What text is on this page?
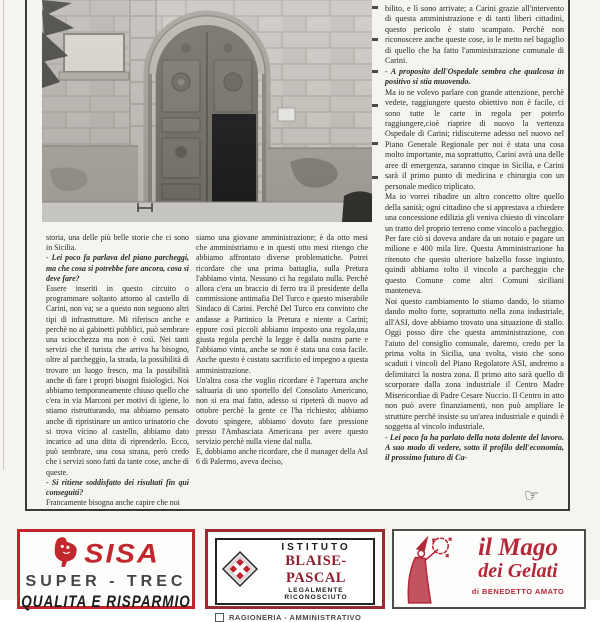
storia, una delle più belle storie che ci sono in Sicilia.

- Lei poco fa parlava del piano parcheggi, ma che cosa si potrebbe fare ancora, cosa si deve fare?

Essere inseriti in questo circuito o programmare soltanto attorno al castello di Carini, non va; se a questo non seguono altri tipi di infrastrutture. Mi riferisco anche e perchè no ai gabinetti pubblici, può sembrare una sciocchezza ma non è così. Nei tanti servizi che il turista che arriva ha bisogno, oltre al parcheggio, la strada, la possibilità di trovare un luogo fresco, ma la possibilità anche di fare i propri bisogni fisiologici. Noi abbiamo temporaneamente chiuso quello che c'era in via Marconi per motivi di igiene, lo stiamo ristrutturando, ma abbiamo pensato anche di ripristinare un antico urinatorio che si trova vicino al castello, abbiamo dato incarico ad una ditta di riprenderlo. Ecco, può sembrare, una cosa strana, però credo che i servizi sono fatti da tante cose, anche di queste.

- Si ritiene soddisfatto dei risultati fin qui conseguiti?

Francamente bisogna anche capire che noi

siamo una giovane amministrazione; è da otto mesi che amministriamo e in questi otto mesi ritengo che abbiamo affrontato diverse problematiche. Potrei ricordare che una prima battaglia, sulla Pretura l'abbiamo vinta. Nessuno ci ha regalato nulla. Perchè allora c'era un braccio di ferro tra il presidente della commissione antimafia Del Turco e questo miserabile Sindaco di Carini. Perchè Del Turco era convinto che andasse a Partinico la Pretura e niente a Carini; eppure così piccoli abbiamo imposto una regola,una giusta regola perchè la legge è dalla nostra parte e l'abbiamo vinta, anche se non è stata una cosa facile. Anche questo è costato sacrificio ed impegno a questa amministrazione.

Un'altra cosa che voglio ricordare è l'apertura anche saltuaria di uno sportello del Consolato Americano, non si era mai fatto, adesso si ripeterà di nuovo ad ottobre perchè la gente ce l'ha richiesto; abbiamo dovuto spingere, abbiamo dovuto fare pressione presso l'Ambasciata Americana per avere questo servizio perchè nulla viene dal nulla.

E, dobbiamo anche ricordare, che il manager della Asl 6 di Palermo, aveva deciso,

bilito, e lì sono arrivate; a Carini grazie all'intervento di questa amministrazione e di tanti liberi cittadini, questo pericolo è stato scampato. Perchè non riconoscere anche queste cose, io le metto nel bagaglio di quello che ha fatto l'amministrazione comunale di Carini.

- A proposito dell'Ospedale sembra che qualcosa in positivo si stia muovendo.

Ma io ne volevo parlare con grande attenzione, perchè vedete, raggiungere questo obiettivo non è facile, ci sono tutte le carte in regola per poterlo raggiungere,cioè riaprire di nuovo la vertenza Ospedale di Carini; ridiscuterne adesso nel nuovo nel Piano Generale Regionale per noi è stata una cosa molto importante, ma soprattutto, Carini avrà una delle aree di emergenza, saranno cinque in Sicilia, e Carini sarà il primo punto di medicina e chirurgia con un personale medico triplicato.

Ma io vorrei ribadire un altro concetto oltre quello della sanità; ogni cittadino che si apprestava a chiedere una concessione edilizia gli veniva chiesto di vincolare un tratto del proprio terreno come vincolo a pacheggio. Per fare ciò si doveva andare da un notaio e pagare un milione e 400 mila lire. Questa Amministrazione ha ritenuto che questo ulteriore balzello fosse ingiusto, quindi abbiamo tolto il vincolo a parcheggio che questo Comune come altri Comuni siciliani manteneva.

Noi questo cambiamento lo stiamo dando, lo stiamo dando molto forte, soprattutto nella zona industriale, all'ASI, dove abbiamo trovato una situazione di stallo. Oggi posso dire che questa amministrazione, con l'aiuto del consiglio comunale, daremo, credo per la prima volta in Sicilia, una svolta, visto che sono scaduti i vincoli del Piano Regolatore ASI, andremo a delimitarci la nostra zona. Il primo atto sarà quello di scorporare dalla zona industriale il Centro Madre Misericordiae di Padre Cesare Nuccio. Il Centro in atto non può avere finanziamenti, non può ampliare le strutture perchè insiste su un'area industriale e quindi è soggetta al vincolo industriale.

- Lei poco fa ha parlato della nota dolente del lavoro. A suo modo di vedere, sotto il profilo dell'economia, il prossimo futuro di Ca-

☞
SISA
SUPER - TREC
QUALITA E RISPARMIO
ISTITUTO
BLAISE-PASCAL
LEGALMENTE RICONOSCIUTO
RAGIONERIA - AMMINISTRATIVO
il Mago
dei Gelati
di BENEDETTO AMATO
